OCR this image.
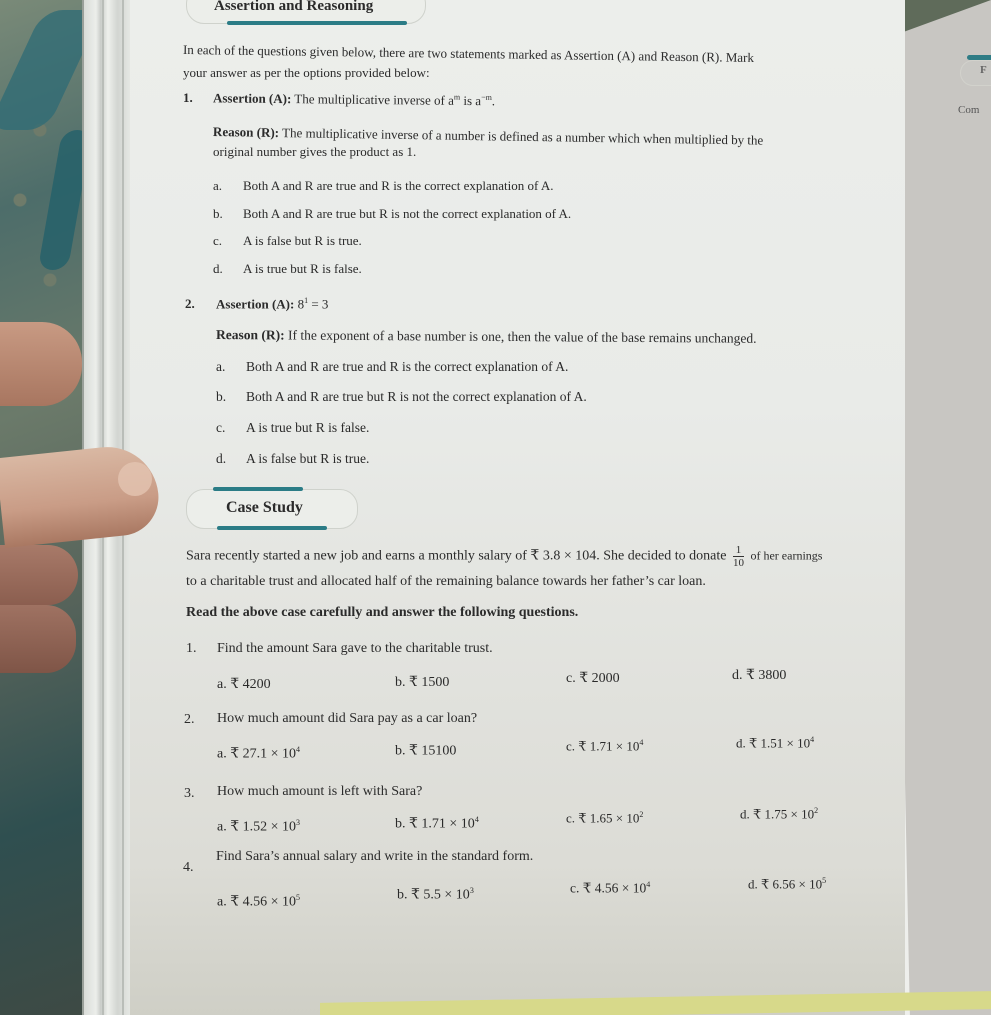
F
Com
Assertion and Reasoning
In each of the questions given below, there are two statements marked as Assertion (A) and Reason (R). Mark
your answer as per the options provided below:
1. Assertion (A): The multiplicative inverse of $a^m$ is $a^{-m}$.
Reason (R): The multiplicative inverse of a number is defined as a number which when multiplied by the
original number gives the product as 1.
a. Both A and R are true and R is the correct explanation of A.
b. Both A and R are true but R is not the correct explanation of A.
c. A is false but R is true.
d. A is true but R is false.
2. Assertion (A): $8^1 = 3$
Reason (R): If the exponent of a base number is one, then the value of the base remains unchanged.
a. Both A and R are true and R is the correct explanation of A.
b. Both A and R are true but R is not the correct explanation of A.
c. A is true but R is false.
d. A is false but R is true.
Case Study
Sara recently started a new job and earns a monthly salary of ₹ 3.8 × 104. She decided to donate $\frac{1}{10}$ of her earnings
to a charitable trust and allocated half of the remaining balance towards her father’s car loan.
Read the above case carefully and answer the following questions.
1. Find the amount Sara gave to the charitable trust.
a. ₹ 4200	b. ₹ 1500	c. ₹ 2000	d. ₹ 3800
2. How much amount did Sara pay as a car loan?
a. ₹ $27.1 \times 10^4$	b. ₹ 15100	c. ₹ $1.71 \times 10^4$	d. ₹ $1.51 \times 10^4$
3. How much amount is left with Sara?
a. ₹ $1.52 \times 10^3$	b. ₹ $1.71 \times 10^4$	c. ₹ $1.65 \times 10^2$	d. ₹ $1.75 \times 10^2$
4.
Find Sara’s annual salary and write in the standard form.
a. ₹ $4.56 \times 10^5$	b. ₹ $5.5 \times 10^3$	c. ₹ $4.56 \times 10^4$	d. ₹ $6.56 \times 10^5$
